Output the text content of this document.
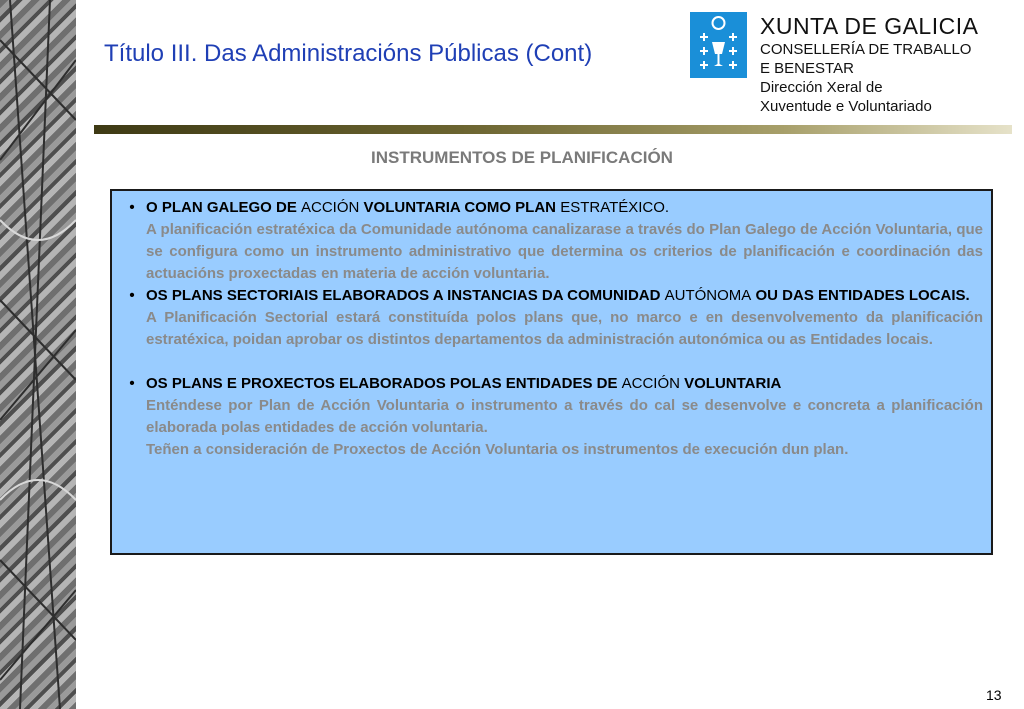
Título III. Das Administracións Públicas (Cont)
XUNTA DE GALICIA
CONSELLERÍA DE TRABALLO
E BENESTAR
Dirección Xeral de
Xuventude e Voluntariado
INSTRUMENTOS DE PLANIFICACIÓN
• O PLAN GALEGO DE ACCIÓN VOLUNTARIA COMO PLAN ESTRATÉXICO.
A planificación estratéxica da Comunidade autónoma canalizarase a través do Plan Galego de Acción Voluntaria, que se configura como un instrumento administrativo que determina os criterios de planificación e coordinación das actuacións proxectadas en materia de acción voluntaria.
• OS PLANS SECTORIAIS ELABORADOS A INSTANCIAS DA COMUNIDAD AUTÓNOMA OU DAS ENTIDADES LOCAIS.
A Planificación Sectorial estará constituída polos plans que, no marco e en desenvolvemento da planificación estratéxica, poidan aprobar os distintos departamentos da administración autonómica ou as Entidades locais.
• OS PLANS E PROXECTOS ELABORADOS POLAS ENTIDADES DE ACCIÓN VOLUNTARIA
Enténdese por Plan de Acción Voluntaria o instrumento a través do cal se desenvolve e concreta a planificación elaborada polas entidades de acción voluntaria.
Teñen a consideración de Proxectos de Acción Voluntaria os instrumentos de execución dun plan.
13
